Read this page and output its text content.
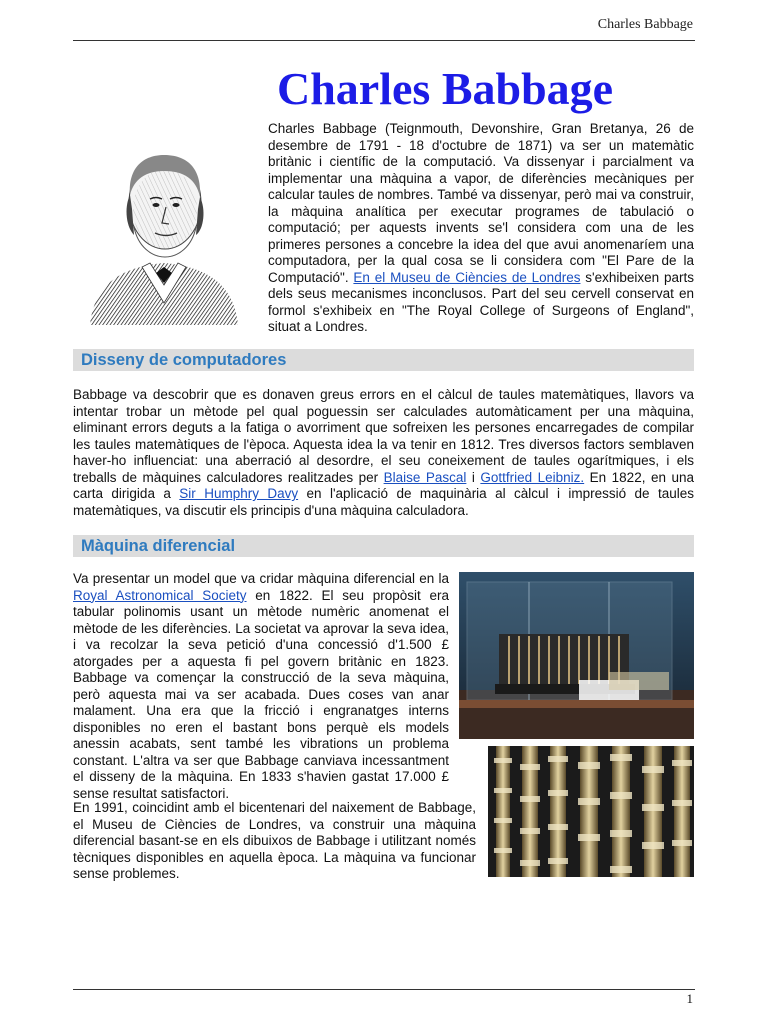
Charles Babbage
Charles Babbage
Charles Babbage (Teignmouth, Devonshire, Gran Bretanya, 26 de desembre de 1791 - 18 d'octubre de 1871) va ser un matemàtic britànic i científic de la computació. Va dissenyar i parcialment va implementar una màquina a vapor, de diferències mecàniques per calcular taules de nombres. També va dissenyar, però mai va construir, la màquina analítica per executar programes de tabulació o computació; per aquests invents se'l considera com una de les primeres persones a concebre la idea del que avui anomenaríem una computadora, per la qual cosa se li considera com "El Pare de la Computació". En el Museu de Ciències de Londres s'exhibeixen parts dels seus mecanismes inconclusos. Part del seu cervell conservat en formol s'exhibeix en "The Royal College of Surgeons of England", situat a Londres.
Disseny de computadores

Babbage va descobrir que es donaven greus errors en el càlcul de taules matemàtiques, llavors va intentar trobar un mètode pel qual poguessin ser calculades automàticament per una màquina, eliminant errors deguts a la fatiga o avorriment que sofreixen les persones encarregades de compilar les taules matemàtiques de l'època. Aquesta idea la va tenir en 1812. Tres diversos factors semblaven haver-ho influenciat: una aberració al desordre, el seu coneixement de taules ogarítmiques, i els treballs de màquines calculadores realitzades per Blaise Pascal i Gottfried Leibniz. En 1822, en una carta dirigida a Sir Humphry Davy en l'aplicació de maquinària al càlcul i impressió de taules matemàtiques, va discutir els principis d'una màquina calculadora.

Màquina diferencial

Va presentar un model que va cridar màquina diferencial en la Royal Astronomical Society en 1822. El seu propòsit era tabular polinomis usant un mètode numèric anomenat el mètode de les diferències. La societat va aprovar la seva idea, i va recolzar la seva petició d'una concessió d'1.500 £ atorgades per a aquesta fi pel govern britànic en 1823. Babbage va començar la construcció de la seva màquina, però aquesta mai va ser acabada. Dues coses van anar malament. Una era que la fricció i engranatges interns disponibles no eren el bastant bons perquè els models anessin acabats, sent també les vibrations un problema constant. L'altra va ser que Babbage canviava incessantment el disseny de la màquina. En 1833 s'havien gastat 17.000 £ sense resultat satisfactori.

En 1991, coincidint amb el bicentenari del naixement de Babbage, el Museu de Ciències de Londres, va construir una màquina diferencial basant-se en els dibuixos de Babbage i utilitzant només tècniques disponibles en aquella època. La màquina va funcionar sense problemes.

1
